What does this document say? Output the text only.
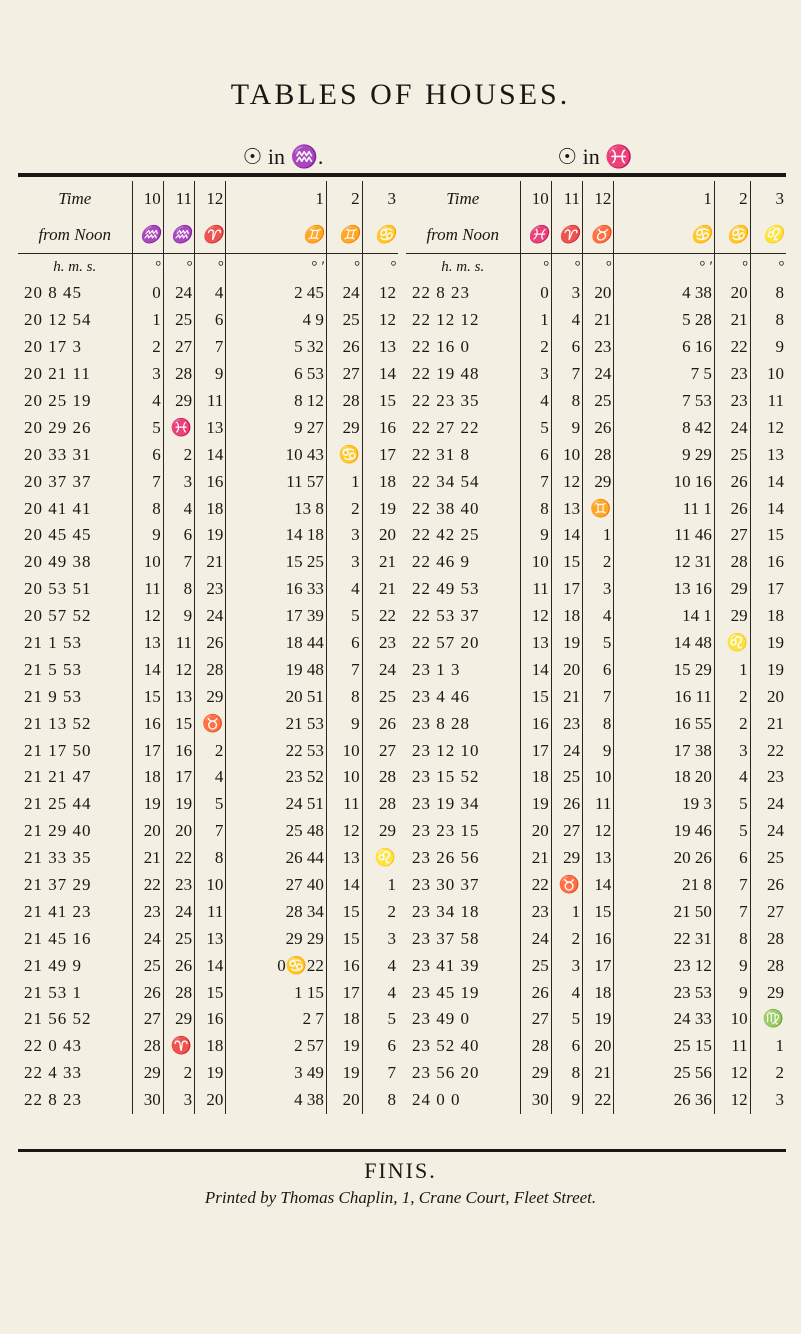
TABLES OF HOUSES.
☉ in ♒.	☉ in ♓
Time	10	11	12	1	2	3
from Noon	♒	♒	♈	♊	♊	♋
h. m. s.	°	°	°	° ′	°	°
20 8 45	0	24	4	2 45	24	12
20 12 54	1	25	6	4 9	25	12
20 17 3	2	27	7	5 32	26	13
20 21 11	3	28	9	6 53	27	14
20 25 19	4	29	11	8 12	28	15
20 29 26	5	♓	13	9 27	29	16
20 33 31	6	2	14	10 43	♋	17
20 37 37	7	3	16	11 57	1	18
20 41 41	8	4	18	13 8	2	19
20 45 45	9	6	19	14 18	3	20
20 49 38	10	7	21	15 25	3	21
20 53 51	11	8	23	16 33	4	21
20 57 52	12	9	24	17 39	5	22
21 1 53	13	11	26	18 44	6	23
21 5 53	14	12	28	19 48	7	24
21 9 53	15	13	29	20 51	8	25
21 13 52	16	15	♉	21 53	9	26
21 17 50	17	16	2	22 53	10	27
21 21 47	18	17	4	23 52	10	28
21 25 44	19	19	5	24 51	11	28
21 29 40	20	20	7	25 48	12	29
21 33 35	21	22	8	26 44	13	♌
21 37 29	22	23	10	27 40	14	1
21 41 23	23	24	11	28 34	15	2
21 45 16	24	25	13	29 29	15	3
21 49 9	25	26	14	0♋22	16	4
21 53 1	26	28	15	1 15	17	4
21 56 52	27	29	16	2 7	18	5
22 0 43	28	♈	18	2 57	19	6
22 4 33	29	2	19	3 49	19	7
22 8 23	30	3	20	4 38	20	8
Time	10	11	12	1	2	3
from Noon	♓	♈	♉	♋	♋	♌
h. m. s.	°	°	°	° ′	°	°
22 8 23	0	3	20	4 38	20	8
22 12 12	1	4	21	5 28	21	8
22 16 0	2	6	23	6 16	22	9
22 19 48	3	7	24	7 5	23	10
22 23 35	4	8	25	7 53	23	11
22 27 22	5	9	26	8 42	24	12
22 31 8	6	10	28	9 29	25	13
22 34 54	7	12	29	10 16	26	14
22 38 40	8	13	♊	11 1	26	14
22 42 25	9	14	1	11 46	27	15
22 46 9	10	15	2	12 31	28	16
22 49 53	11	17	3	13 16	29	17
22 53 37	12	18	4	14 1	29	18
22 57 20	13	19	5	14 48	♌	19
23 1 3	14	20	6	15 29	1	19
23 4 46	15	21	7	16 11	2	20
23 8 28	16	23	8	16 55	2	21
23 12 10	17	24	9	17 38	3	22
23 15 52	18	25	10	18 20	4	23
23 19 34	19	26	11	19 3	5	24
23 23 15	20	27	12	19 46	5	24
23 26 56	21	29	13	20 26	6	25
23 30 37	22	♉	14	21 8	7	26
23 34 18	23	1	15	21 50	7	27
23 37 58	24	2	16	22 31	8	28
23 41 39	25	3	17	23 12	9	28
23 45 19	26	4	18	23 53	9	29
23 49 0	27	5	19	24 33	10	♍
23 52 40	28	6	20	25 15	11	1
23 56 20	29	8	21	25 56	12	2
24 0 0	30	9	22	26 36	12	3
FINIS.
Printed by Thomas Chaplin, 1, Crane Court, Fleet Street.
